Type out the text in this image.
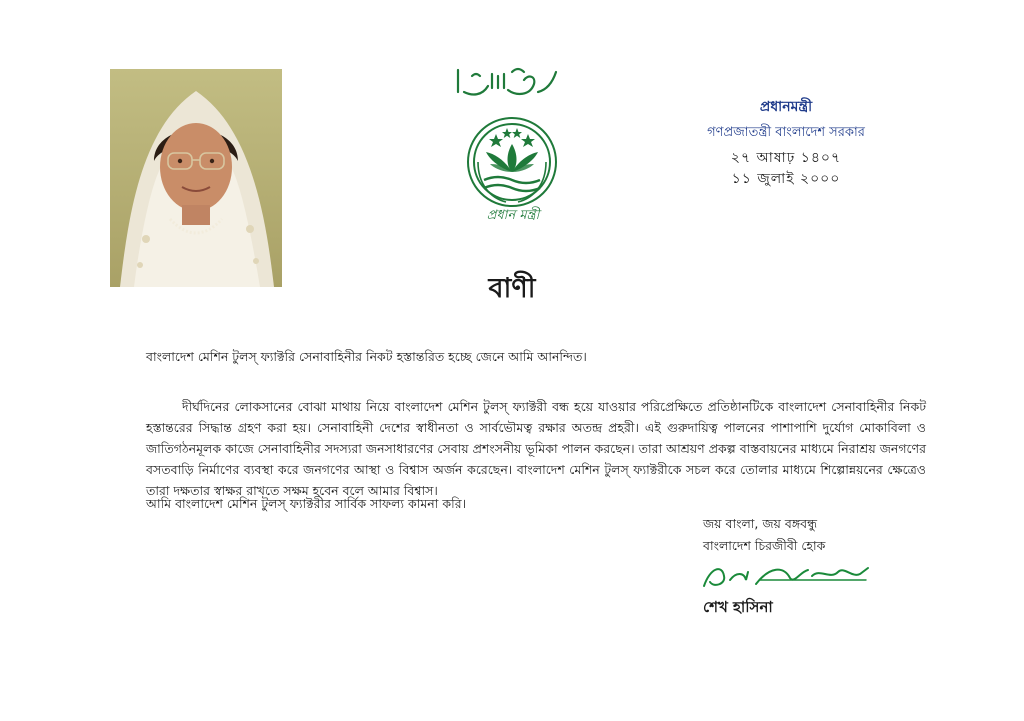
প্রধান মন্ত্রী
প্রধানমন্ত্রী
গণপ্রজাতন্ত্রী বাংলাদেশ সরকার
২৭ আষাঢ় ১৪০৭
১১ জুলাই ২০০০
বাণী
বাংলাদেশ মেশিন টুলস্ ফ্যাক্টরি সেনাবাহিনীর নিকট হস্তান্তরিত হচ্ছে জেনে আমি আনন্দিত।
দীর্ঘদিনের লোকসানের বোঝা মাথায় নিয়ে বাংলাদেশ মেশিন টুলস্ ফ্যাক্টরী বন্ধ হয়ে যাওয়ার পরিপ্রেক্ষিতে প্রতিষ্ঠানটিকে বাংলাদেশ সেনাবাহিনীর নিকট হস্তান্তরের সিদ্ধান্ত গ্রহণ করা হয়। সেনাবাহিনী দেশের স্বাধীনতা ও সার্বভৌমত্ব রক্ষার অতন্দ্র প্রহরী। এই গুরুদায়িত্ব পালনের পাশাপাশি দুর্যোগ মোকাবিলা ও জাতিগঠনমূলক কাজে সেনাবাহিনীর সদস্যরা জনসাধারণের সেবায় প্রশংসনীয় ভূমিকা পালন করছেন। তারা আশ্রয়ণ প্রকল্প বাস্তবায়নের মাধ্যমে নিরাশ্রয় জনগণের বসতবাড়ি নির্মাণের ব্যবস্থা করে জনগণের আস্থা ও বিশ্বাস অর্জন করেছেন। বাংলাদেশ মেশিন টুলস্ ফ্যাক্টরীকে সচল করে তোলার মাধ্যমে শিল্পোন্নয়নের ক্ষেত্রেও তারা দক্ষতার স্বাক্ষর রাখতে সক্ষম হবেন বলে আমার বিশ্বাস।
আমি বাংলাদেশ মেশিন টুলস্ ফ্যাক্টরীর সার্বিক সাফল্য কামনা করি।
জয় বাংলা, জয় বঙ্গবন্ধু
বাংলাদেশ চিরজীবী হোক
শেখ হাসিনা
